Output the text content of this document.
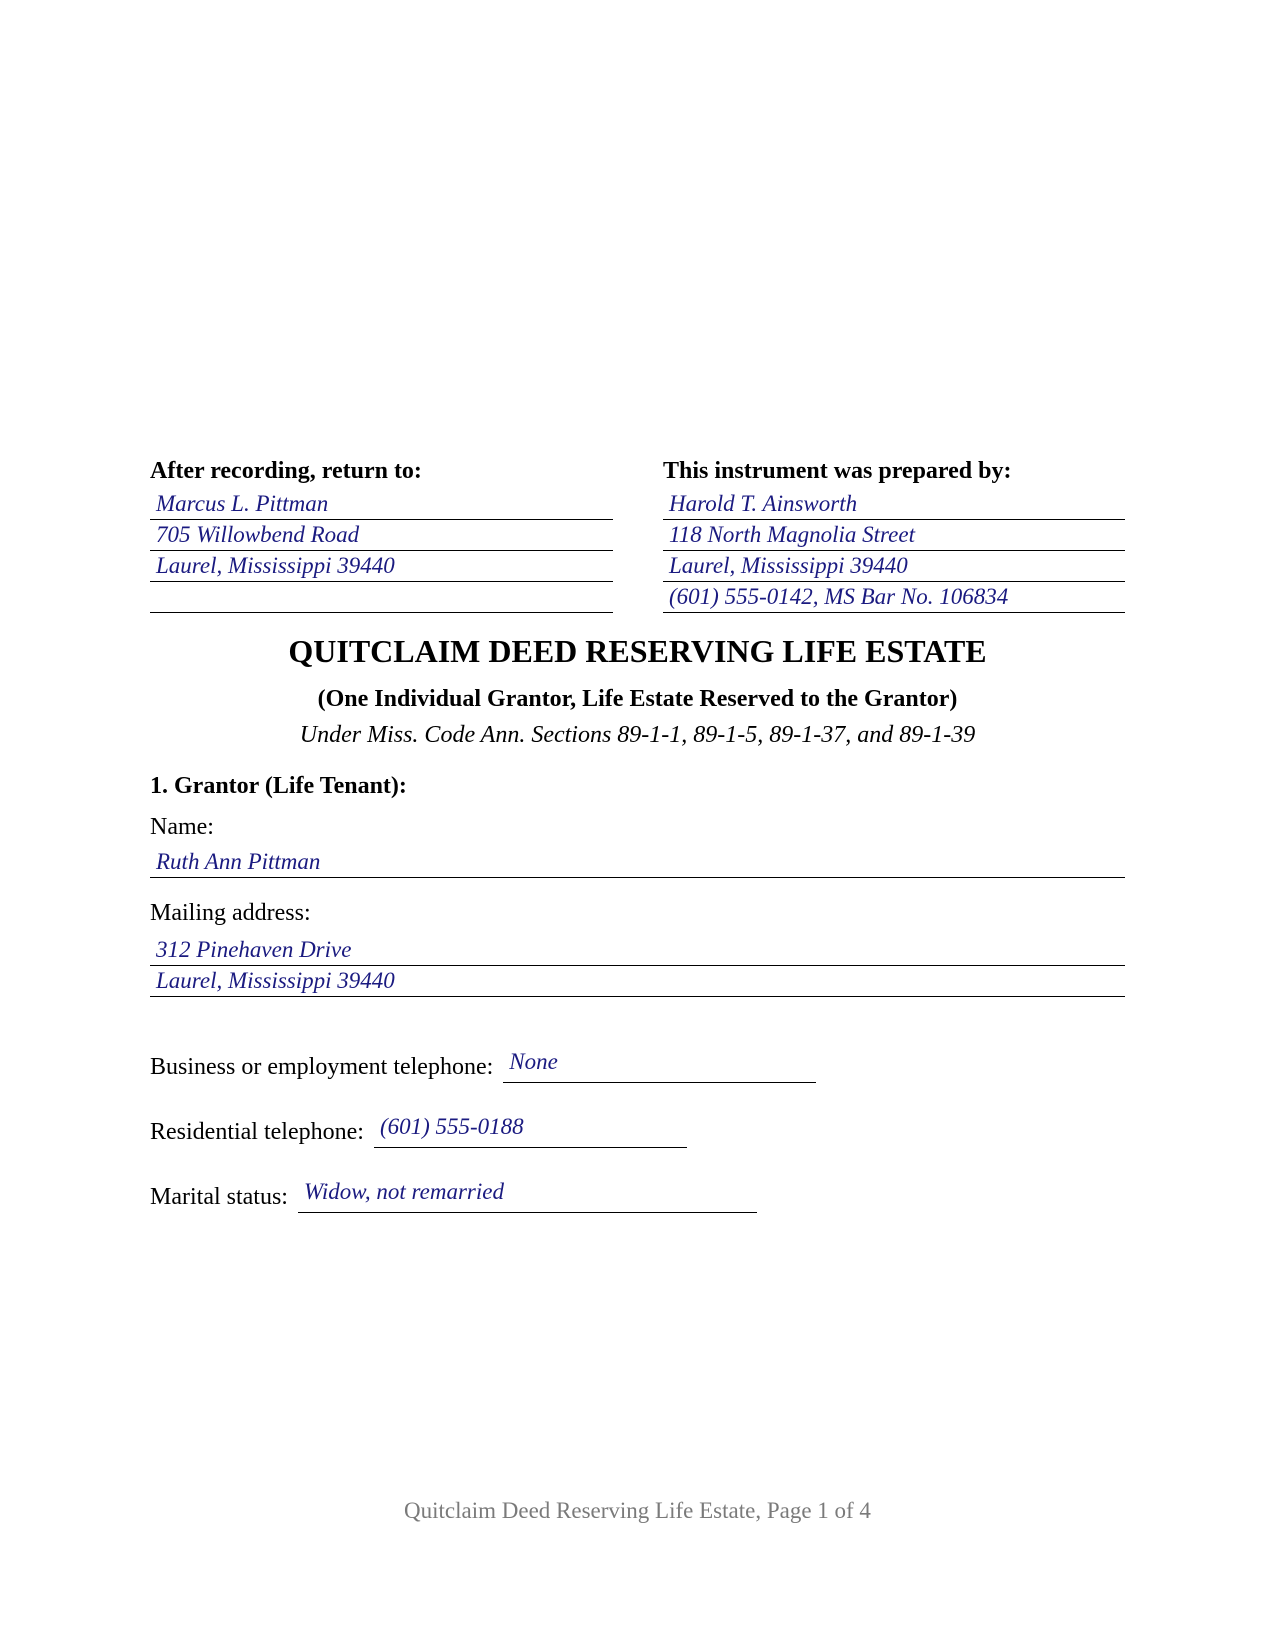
After recording, return to:
Marcus L. Pittman
705 Willowbend Road
Laurel, Mississippi 39440
This instrument was prepared by:
Harold T. Ainsworth
118 North Magnolia Street
Laurel, Mississippi 39440
(601) 555-0142, MS Bar No. 106834
QUITCLAIM DEED RESERVING LIFE ESTATE
(One Individual Grantor, Life Estate Reserved to the Grantor)
Under Miss. Code Ann. Sections 89-1-1, 89-1-5, 89-1-37, and 89-1-39
1. Grantor (Life Tenant):
Name:
Ruth Ann Pittman
Mailing address:
312 Pinehaven Drive
Laurel, Mississippi 39440
Business or employment telephone: None
Residential telephone: (601) 555-0188
Marital status: Widow, not remarried
Quitclaim Deed Reserving Life Estate, Page 1 of 4
